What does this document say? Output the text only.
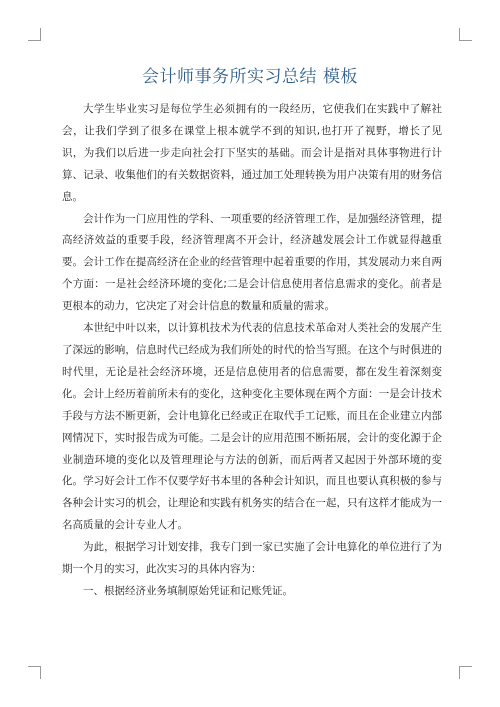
会计师事务所实习总结 模板

大学生毕业实习是每位学生必须拥有的一段经历，它使我们在实践中了解社会，让我们学到了很多在课堂上根本就学不到的知识,也打开了视野，增长了见识，为我们以后进一步走向社会打下坚实的基础。而会计是指对具体事物进行计算、记录、收集他们的有关数据资料，通过加工处理转换为用户决策有用的财务信息。

会计作为一门应用性的学科、一项重要的经济管理工作，是加强经济管理，提高经济效益的重要手段，经济管理离不开会计，经济越发展会计工作就显得越重要。会计工作在提高经济在企业的经营管理中起着重要的作用，其发展动力来自两个方面：一是社会经济环境的变化;二是会计信息使用者信息需求的变化。前者是更根本的动力，它决定了对会计信息的数量和质量的需求。

本世纪中叶以来，以计算机技术为代表的信息技术革命对人类社会的发展产生了深远的影响，信息时代已经成为我们所处的时代的恰当写照。在这个与时俱进的时代里，无论是社会经济环境，还是信息使用者的信息需要，都在发生着深刻变化。会计上经历着前所未有的变化，这种变化主要体现在两个方面：一是会计技术手段与方法不断更新，会计电算化已经或正在取代手工记账，而且在企业建立内部网情况下，实时报告成为可能。二是会计的应用范围不断拓展，会计的变化源于企业制造环境的变化以及管理理论与方法的创新，而后两者又起因于外部环境的变化。学习好会计工作不仅要学好书本里的各种会计知识，而且也要认真积极的参与各种会计实习的机会，让理论和实践有机务实的结合在一起，只有这样才能成为一名高质量的会计专业人才。

为此，根据学习计划安排，我专门到一家已实施了会计电算化的单位进行了为期一个月的实习，此次实习的具体内容为：

一、根据经济业务填制原始凭证和记账凭证。
